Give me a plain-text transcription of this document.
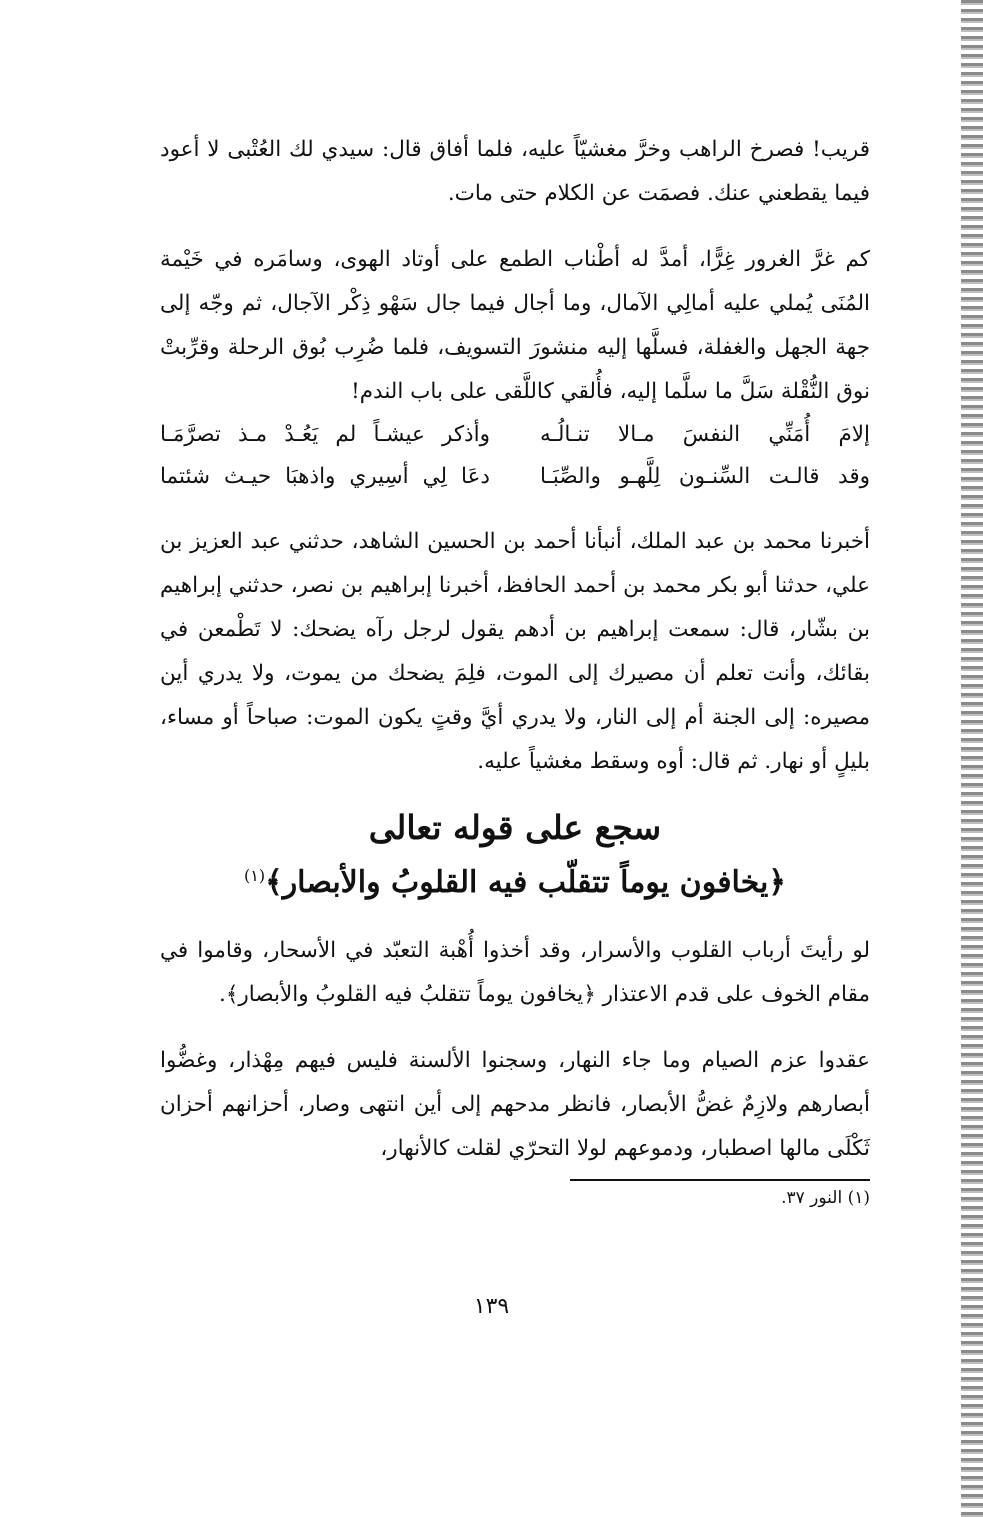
قريب! فصرخ الراهب وخرَّ مغشيّاً عليه، فلما أفاق قال: سيدي لك العُتْبى لا أعود فيما يقطعني عنك. فصمَت عن الكلام حتى مات.

كم غرَّ الغرور غِرًّا، أمدَّ له أطْناب الطمع على أوتاد الهوى، وسامَره في خَيْمة المُنَى يُملي عليه أمالِي الآمال، وما أجال فيما جال سَهْو ذِكْر الآجال، ثم وجّه إلى جهة الجهل والغفلة، فسلَّها إليه منشورَ التسويف، فلما ضُرِب بُوق الرحلة وقرِّبتْ نوق النُّقْلة سَلَّ ما سلَّما إليه، فأُلقي كاللَّقى على باب الندم!

إلامَ أُمَنِّي النفسَ مـالا تنـالُـه
وأذكر عيشـاً لم يَعُـدْ مـذ تصرَّمَـا
وقد قالـت السِّنـون لِلَّهـو والصِّبَـا
دعَا لِي أسِيري واذهبَا حيـث شئتما

أخبرنا محمد بن عبد الملك، أنبأنا أحمد بن الحسين الشاهد، حدثني عبد العزيز بن علي، حدثنا أبو بكر محمد بن أحمد الحافظ، أخبرنا إبراهيم بن نصر، حدثني إبراهيم بن بشّار، قال: سمعت إبراهيم بن أدهم يقول لرجل رآه يضحك: لا تَطْمعن في بقائك، وأنت تعلم أن مصيرك إلى الموت، فلِمَ يضحك من يموت، ولا يدري أين مصيره: إلى الجنة أم إلى النار، ولا يدري أيَّ وقتٍ يكون الموت: صباحاً أو مساء، بليلٍ أو نهار. ثم قال: أوه وسقط مغشياً عليه.

سجع على قوله تعالى
﴿يخافون يوماً تتقلّب فيه القلوبُ والأبصار﴾$^{(١)}$

لو رأيتَ أرباب القلوب والأسرار، وقد أخذوا أُهْبة التعبّد في الأسحار، وقاموا في مقام الخوف على قدم الاعتذار ﴿يخافون يوماً تتقلبُ فيه القلوبُ والأبصار﴾.

عقدوا عزم الصيام وما جاء النهار، وسجنوا الألسنة فليس فيهم مِهْذار، وغضُّوا أبصارهم ولازِمٌ غضُّ الأبصار، فانظر مدحهم إلى أين انتهى وصار، أحزانهم أحزان ثَكْلَى مالها اصطبار، ودموعهم لولا التحرّي لقلت كالأنهار،

(١) النور ٣٧.

١٣٩
